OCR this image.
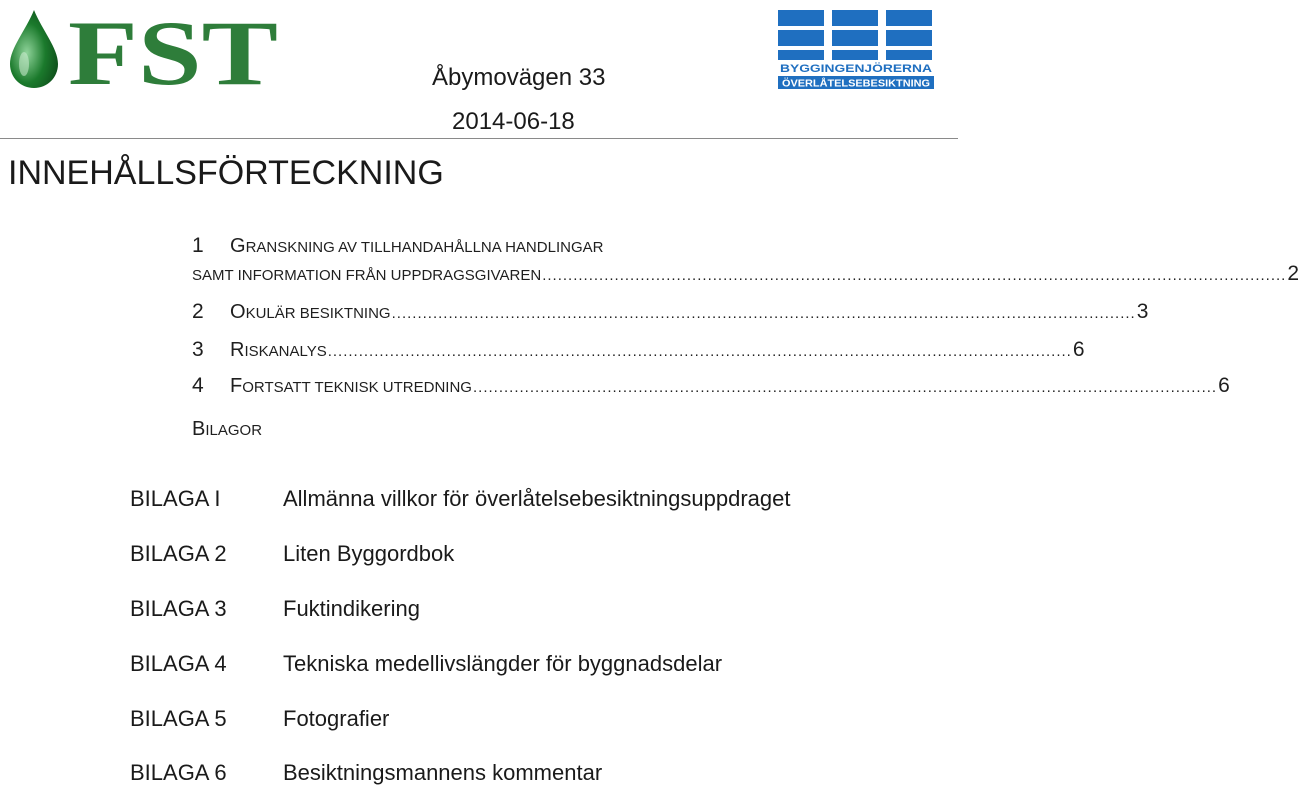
FST	BYGGINGENJÖRERNA
ÖVERLÅTELSEBESIKTNING
Åbymovägen 33
2014-06-18
INNEHÅLLSFÖRTECKNING
1	GRANSKNING AV TILLHANDAHÅLLNA HANDLINGAR
SAMT INFORMATION FRÅN UPPDRAGSGIVAREN ................................................................................................................................................ 2
2	OKULÄR BESIKTNING ................................................................................................................................................ 3
3	RISKANALYS ................................................................................................................................................ 6
4	FORTSATT TEKNISK UTREDNING ................................................................................................................................................ 6
BILAGOR
BILAGA I	Allmänna villkor för överlåtelsebesiktningsuppdraget
BILAGA 2	Liten Byggordbok
BILAGA 3	Fuktindikering
BILAGA 4	Tekniska medellivslängder för byggnadsdelar
BILAGA 5	Fotografier
BILAGA 6	Besiktningsmannens kommentar
